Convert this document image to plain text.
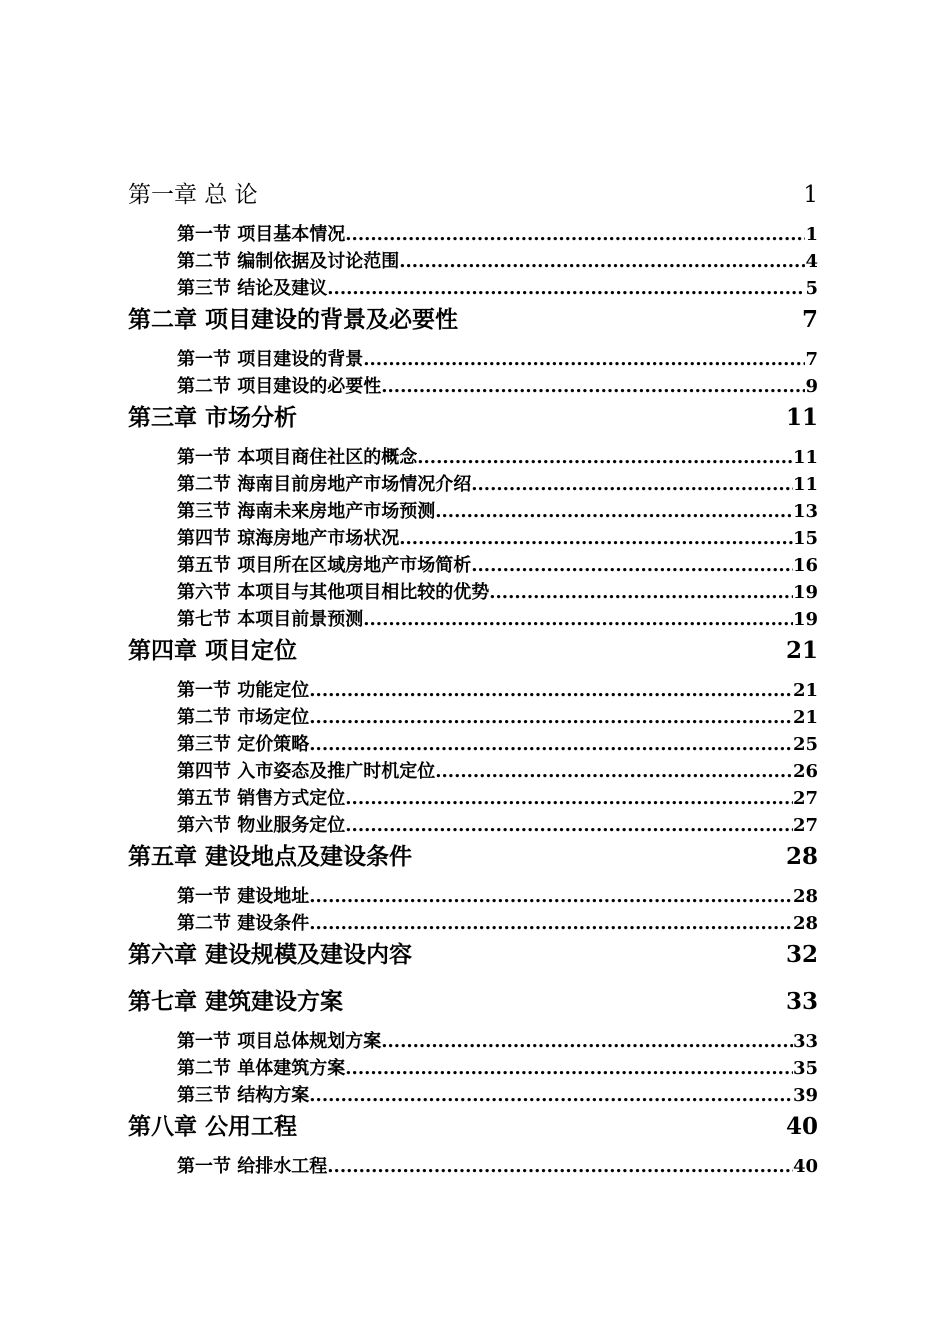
第一章 总 论	1
第一节 项目基本情况 .....	1
第二节 编制依据及讨论范围 .....	4
第三节 结论及建议 .....	5
第二章 项目建设的背景及必要性	7
第一节 项目建设的背景 .....	7
第二节 项目建设的必要性 .....	9
第三章 市场分析	11
第一节 本项目商住社区的概念 .....	11
第二节 海南目前房地产市场情况介绍 .....	11
第三节 海南未来房地产市场预测 .....	13
第四节 琼海房地产市场状况 .....	15
第五节 项目所在区域房地产市场简析 .....	16
第六节 本项目与其他项目相比较的优势 .....	19
第七节 本项目前景预测 .....	19
第四章 项目定位	21
第一节 功能定位 .....	21
第二节 市场定位 .....	21
第三节 定价策略 .....	25
第四节 入市姿态及推广时机定位 .....	26
第五节 销售方式定位 .....	27
第六节 物业服务定位 .....	27
第五章 建设地点及建设条件	28
第一节 建设地址 .....	28
第二节 建设条件 .....	28
第六章 建设规模及建设内容	32
第七章 建筑建设方案	33
第一节 项目总体规划方案 .....	33
第二节 单体建筑方案 .....	35
第三节 结构方案 .....	39
第八章 公用工程	40
第一节 给排水工程 .....	40
